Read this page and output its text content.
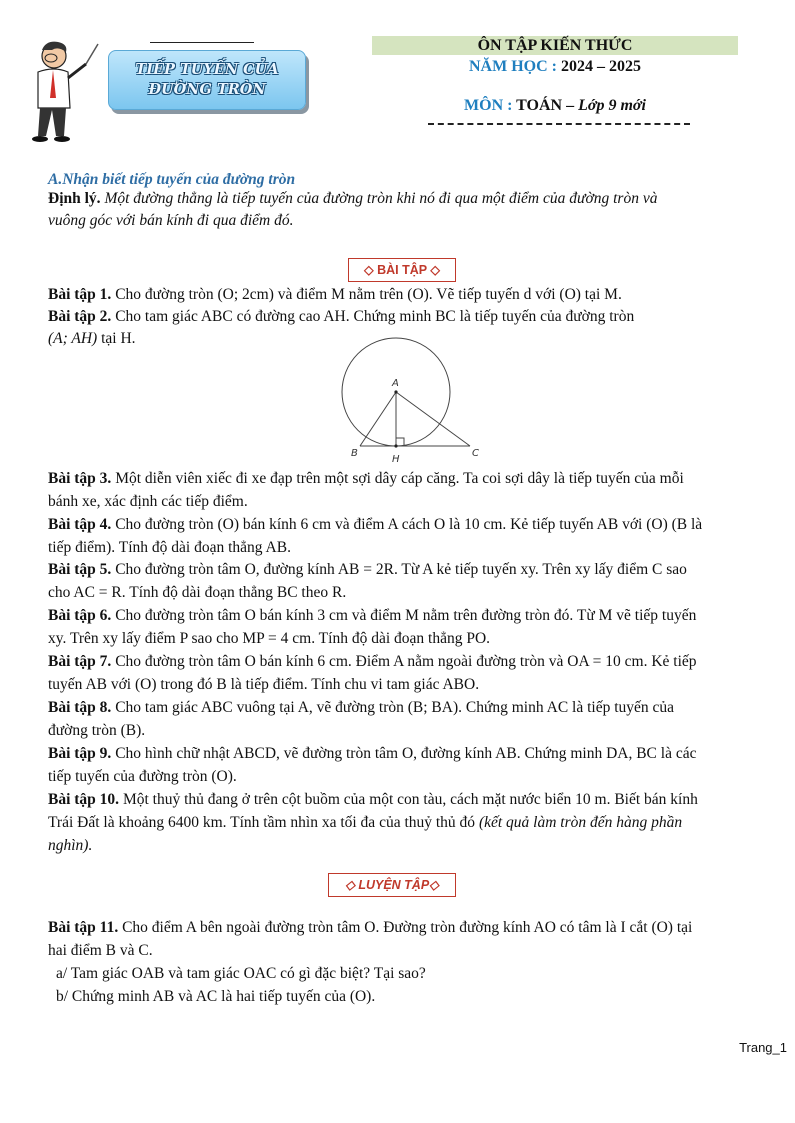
TIẾP TUYẾN CỦA
ĐƯỜNG TRÒN
ÔN TẬP KIẾN THỨC
NĂM HỌC : 2024 – 2025
MÔN : TOÁN – Lớp 9 mới
A.Nhận biết tiếp tuyến của đường tròn
Định lý. Một đường thẳng là tiếp tuyến của đường tròn khi nó đi qua một điểm của đường tròn và
vuông góc với bán kính đi qua điểm đó.
◇ BÀI TẬP ◇
Bài tập 1. Cho đường tròn (O; 2cm) và điểm M nằm trên (O). Vẽ tiếp tuyến d với (O) tại M.
Bài tập 2. Cho tam giác ABC có đường cao AH. Chứng minh BC là tiếp tuyến của đường tròn
(A; AH) tại H.
A
B
H
C
Bài tập 3. Một diễn viên xiếc đi xe đạp trên một sợi dây cáp căng. Ta coi sợi dây là tiếp tuyến của mỗi
bánh xe, xác định các tiếp điểm.
Bài tập 4. Cho đường tròn (O) bán kính 6 cm và điểm A cách O là 10 cm. Kẻ tiếp tuyến AB với (O) (B là
tiếp điểm). Tính độ dài đoạn thẳng AB.
Bài tập 5. Cho đường tròn tâm O, đường kính AB = 2R. Từ A kẻ tiếp tuyến xy. Trên xy lấy điểm C sao
cho AC = R. Tính độ dài đoạn thẳng BC theo R.
Bài tập 6. Cho đường tròn tâm O bán kính 3 cm và điểm M nằm trên đường tròn đó. Từ M vẽ tiếp tuyến
xy. Trên xy lấy điểm P sao cho MP = 4 cm. Tính độ dài đoạn thẳng PO.
Bài tập 7. Cho đường tròn tâm O bán kính 6 cm. Điểm A nằm ngoài đường tròn và OA = 10 cm. Kẻ tiếp
tuyến AB với (O) trong đó B là tiếp điểm. Tính chu vi tam giác ABO.
Bài tập 8. Cho tam giác ABC vuông tại A, vẽ đường tròn (B; BA). Chứng minh AC là tiếp tuyến của
đường tròn (B).
Bài tập 9. Cho hình chữ nhật ABCD, vẽ đường tròn tâm O, đường kính AB. Chứng minh DA, BC là các
tiếp tuyến của đường tròn (O).
Bài tập 10. Một thuỷ thủ đang ở trên cột buồm của một con tàu, cách mặt nước biển 10 m. Biết bán kính
Trái Đất là khoảng 6400 km. Tính tầm nhìn xa tối đa của thuỷ thủ đó (kết quả làm tròn đến hàng phần
nghìn).
◇ LUYỆN TẬP◇
Bài tập 11. Cho điểm A bên ngoài đường tròn tâm O. Đường tròn đường kính AO có tâm là I cắt (O) tại
hai điểm B và C.
a/ Tam giác OAB và tam giác OAC có gì đặc biệt? Tại sao?
b/ Chứng minh AB và AC là hai tiếp tuyến của (O).
Trang_1
